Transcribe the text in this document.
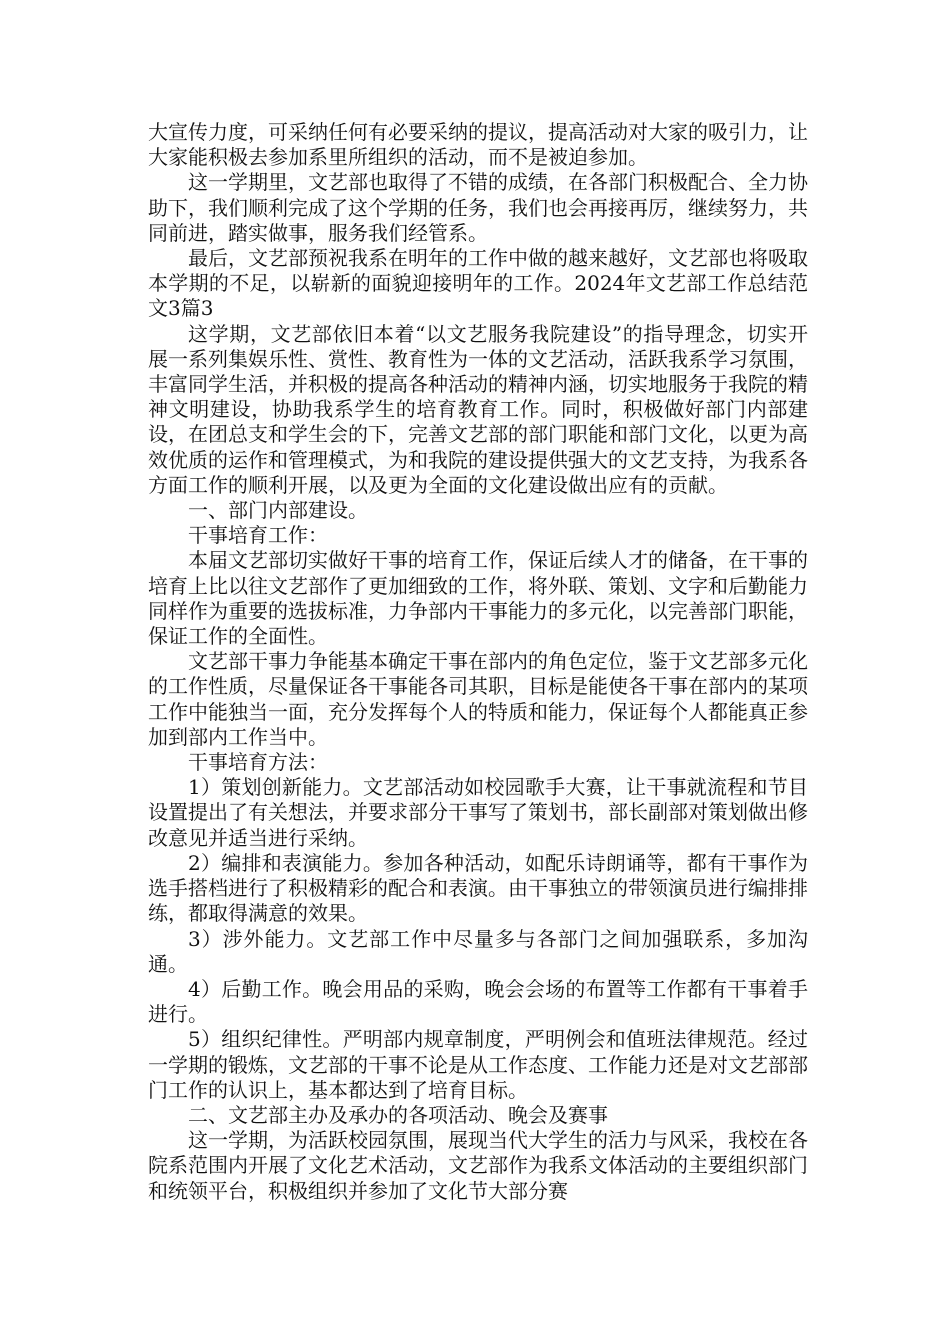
大宣传力度，可采纳任何有必要采纳的提议，提高活动对大家的吸引力，让大家能积极去参加系里所组织的活动，而不是被迫参加。

这一学期里，文艺部也取得了不错的成绩，在各部门积极配合、全力协助下，我们顺利完成了这个学期的任务，我们也会再接再厉，继续努力，共同前进，踏实做事，服务我们经管系。

最后，文艺部预祝我系在明年的工作中做的越来越好，文艺部也将吸取本学期的不足，以崭新的面貌迎接明年的工作。2024年文艺部工作总结范文3篇3

这学期，文艺部依旧本着“以文艺服务我院建设”的指导理念，切实开展一系列集娱乐性、赏性、教育性为一体的文艺活动，活跃我系学习氛围，丰富同学生活，并积极的提高各种活动的精神内涵，切实地服务于我院的精神文明建设，协助我系学生的培育教育工作。同时，积极做好部门内部建设，在团总支和学生会的下，完善文艺部的部门职能和部门文化，以更为高效优质的运作和管理模式，为和我院的建设提供强大的文艺支持，为我系各方面工作的顺利开展，以及更为全面的文化建设做出应有的贡献。

一、部门内部建设。

干事培育工作：

本届文艺部切实做好干事的培育工作，保证后续人才的储备，在干事的培育上比以往文艺部作了更加细致的工作，将外联、策划、文字和后勤能力同样作为重要的选拔标准，力争部内干事能力的多元化，以完善部门职能，保证工作的全面性。

文艺部干事力争能基本确定干事在部内的角色定位，鉴于文艺部多元化的工作性质，尽量保证各干事能各司其职，目标是能使各干事在部内的某项工作中能独当一面，充分发挥每个人的特质和能力，保证每个人都能真正参加到部内工作当中。

干事培育方法：

1）策划创新能力。文艺部活动如校园歌手大赛，让干事就流程和节目设置提出了有关想法，并要求部分干事写了策划书，部长副部对策划做出修改意见并适当进行采纳。

2）编排和表演能力。参加各种活动，如配乐诗朗诵等，都有干事作为选手搭档进行了积极精彩的配合和表演。由干事独立的带领演员进行编排排练，都取得满意的效果。

3）涉外能力。文艺部工作中尽量多与各部门之间加强联系，多加沟通。

4）后勤工作。晚会用品的采购，晚会会场的布置等工作都有干事着手进行。

5）组织纪律性。严明部内规章制度，严明例会和值班法律规范。经过一学期的锻炼，文艺部的干事不论是从工作态度、工作能力还是对文艺部部门工作的认识上，基本都达到了培育目标。

二、文艺部主办及承办的各项活动、晚会及赛事

这一学期，为活跃校园氛围，展现当代大学生的活力与风采，我校在各院系范围内开展了文化艺术活动，文艺部作为我系文体活动的主要组织部门和统领平台，积极组织并参加了文化节大部分赛
